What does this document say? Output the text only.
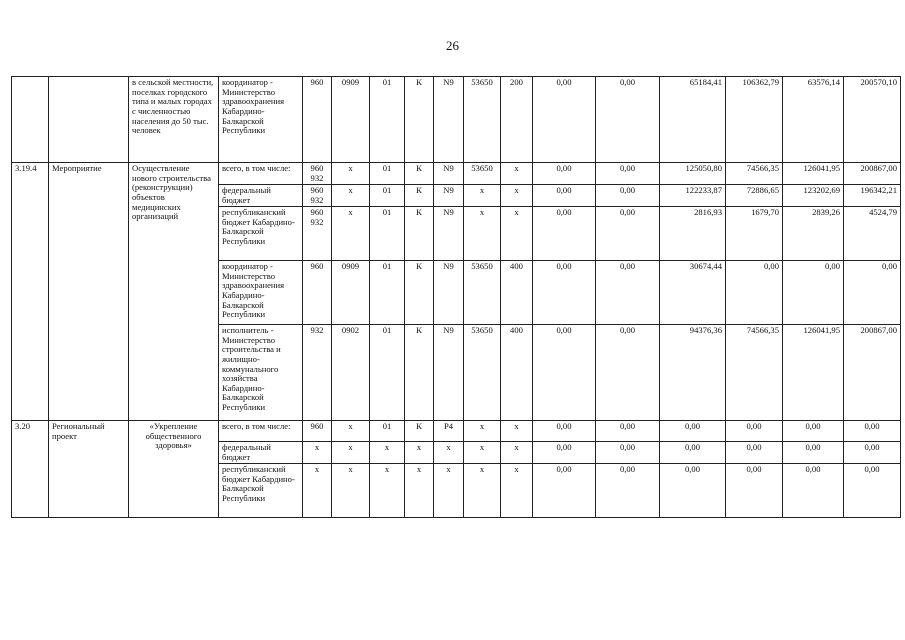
26
		в сельской местности, поселках городского типа и малых городах с численностью населения до 50 тыс. человек	координатор - Министерство здравоохранения Кабардино-Балкарской Республики	960	0909	01	К	N9	53650	200	0,00	0,00	65184,41	106362,79	63576,14	200570,10
3.19.4	Мероприятие	Осуществление нового строительства (реконструкции) объектов медицинских организаций	всего, в том числе:	960 932	х	01	К	N9	53650	х	0,00	0,00	125050,80	74566,35	126041,95	200867,00
			федеральный бюджет	960 932	х	01	К	N9	х	х	0,00	0,00	122233,87	72886,65	123202,69	196342,21
			республиканский бюджет Кабардино-Балкарской Республики	960 932	х	01	К	N9	х	х	0,00	0,00	2816,93	1679,70	2839,26	4524,79
			координатор - Министерство здравоохранения Кабардино-Балкарской Республики	960	0909	01	К	N9	53650	400	0,00	0,00	30674,44	0,00	0,00	0,00
			исполнитель - Министерство строительства и жилищно-коммунального хозяйства Кабардино-Балкарской Республики	932	0902	01	К	N9	53650	400	0,00	0,00	94376,36	74566,35	126041,95	200867,00
3.20	Региональный проект	«Укрепление общественного здоровья»	всего, в том числе:	960	х	01	К	Р4	х	х	0,00	0,00	0,00	0,00	0,00	0,00
			федеральный бюджет	х	х	х	х	х	х	х	0,00	0,00	0,00	0,00	0,00	0,00
			республиканский бюджет Кабардино-Балкарской Республики	х	х	х	х	х	х	х	0,00	0,00	0,00	0,00	0,00	0,00
